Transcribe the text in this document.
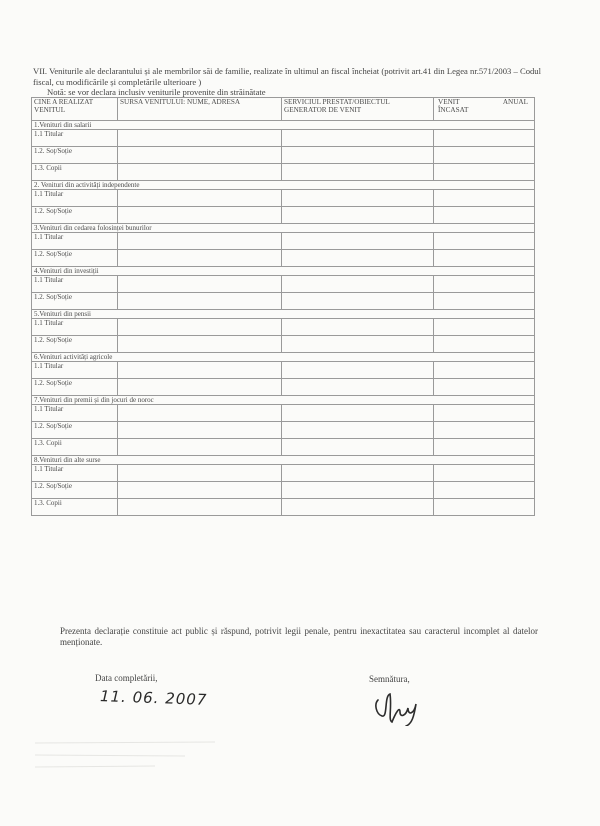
VII. Veniturile ale declarantului și ale membrilor săi de familie, realizate în ultimul an fiscal încheiat (potrivit art.41 din Legea nr.571/2003 – Codul fiscal, cu modificările și completările ulterioare )

Notă: se vor declara inclusiv veniturile provenite din străinătate

CINE A REALIZAT VENITUL	SURSA VENITULUI: NUME, ADRESA	SERVICIUL PRESTAT/OBIECTUL GENERATOR DE VENIT	VENIT ANUAL
ÎNCASAT

1.Venituri din salarii			
1.1 Titular			
1.2. Soț/Soție			
1.3. Copii			
2. Venituri din activități independente			
1.1 Titular			
1.2. Soț/Soție			
3.Venituri din cedarea folosinței bunurilor			
1.1 Titular			
1.2. Soț/Soție			
4.Venituri din investiții			
1.1 Titular			
1.2. Soț/Soție			
5.Venituri din pensii			
1.1 Titular			
1.2. Soț/Soție			
6.Venituri activități agricole			
1.1 Titular			
1.2. Soț/Soție			
7.Venituri din premii și din jocuri de noroc			
1.1 Titular			
1.2. Soț/Soție			
1.3. Copii			
8.Venituri din alte surse			
1.1 Titular			
1.2. Soț/Soție			
1.3. Copii			

Prezenta declarație constituie act public și răspund, potrivit legii penale, pentru inexactitatea sau caracterul incomplet al datelor menționate.

Data completării,
11. 06. 2007
Semnătura,
